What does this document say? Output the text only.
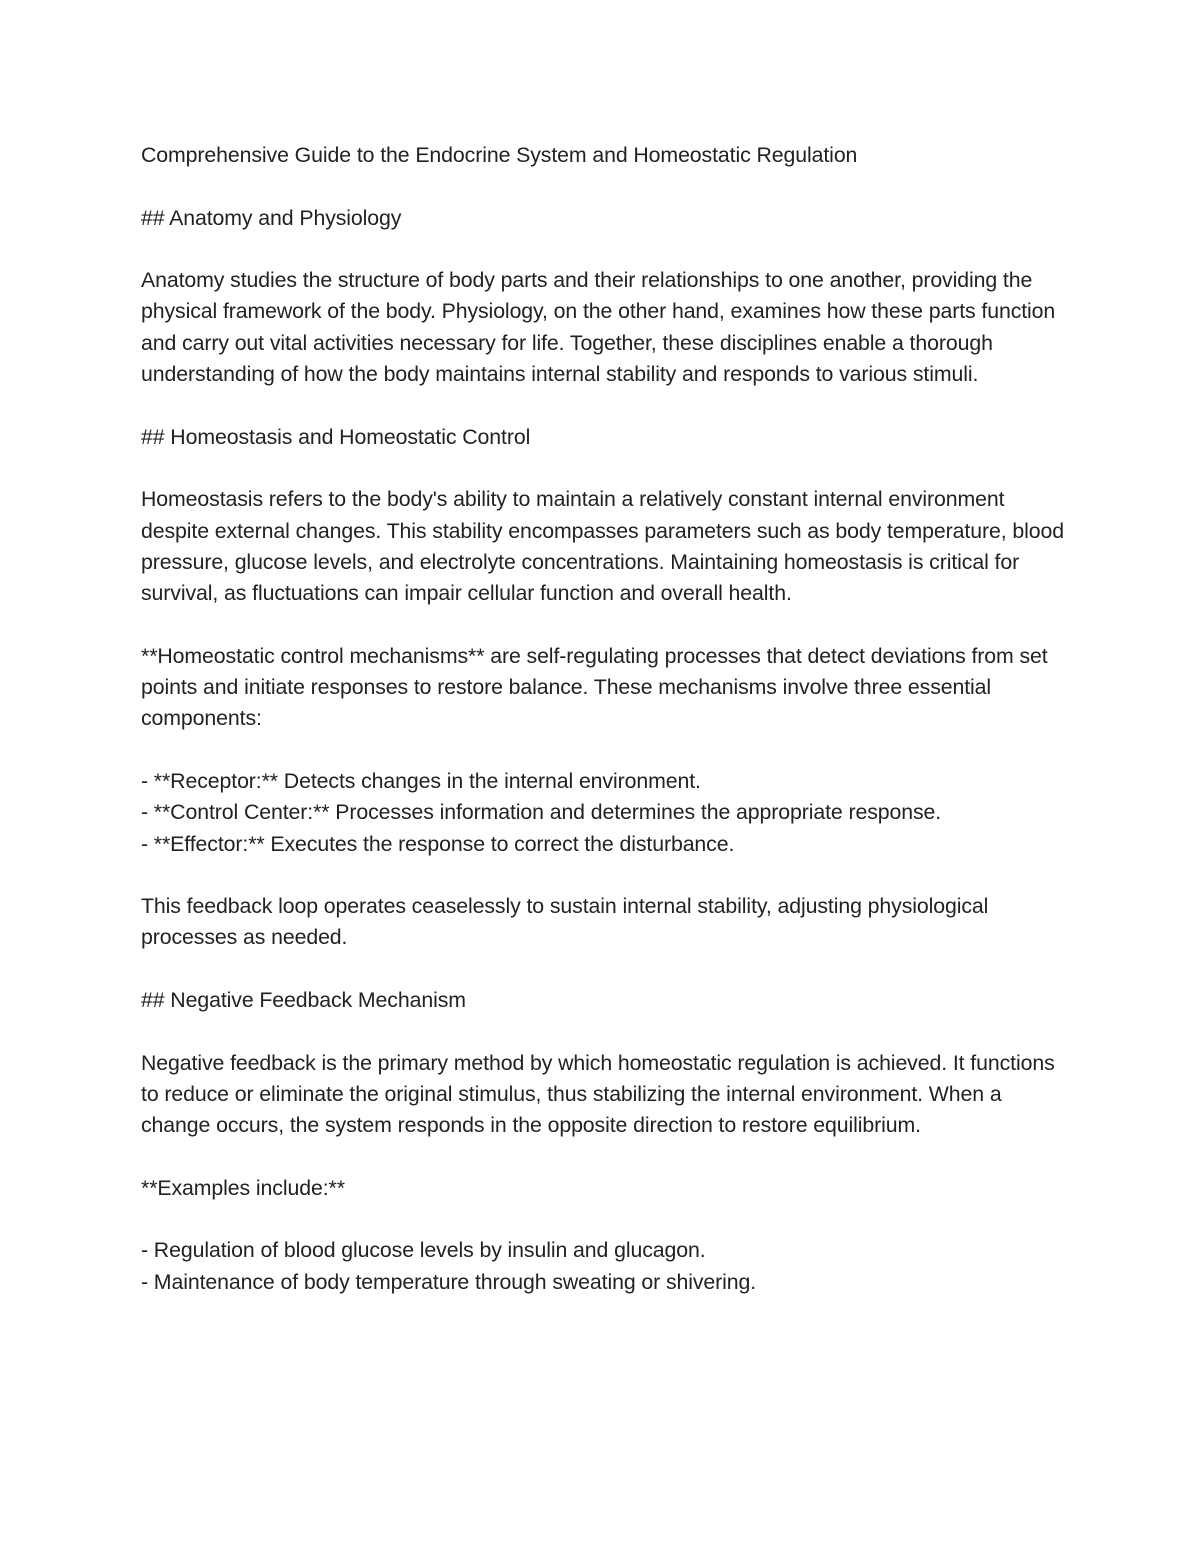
Comprehensive Guide to the Endocrine System and Homeostatic Regulation

## Anatomy and Physiology

Anatomy studies the structure of body parts and their relationships to one another, providing the physical framework of the body. Physiology, on the other hand, examines how these parts function and carry out vital activities necessary for life. Together, these disciplines enable a thorough understanding of how the body maintains internal stability and responds to various stimuli.

## Homeostasis and Homeostatic Control

Homeostasis refers to the body's ability to maintain a relatively constant internal environment despite external changes. This stability encompasses parameters such as body temperature, blood pressure, glucose levels, and electrolyte concentrations. Maintaining homeostasis is critical for survival, as fluctuations can impair cellular function and overall health.

**Homeostatic control mechanisms** are self-regulating processes that detect deviations from set points and initiate responses to restore balance. These mechanisms involve three essential components:

- **Receptor:** Detects changes in the internal environment.
- **Control Center:** Processes information and determines the appropriate response.
- **Effector:** Executes the response to correct the disturbance.

This feedback loop operates ceaselessly to sustain internal stability, adjusting physiological processes as needed.

## Negative Feedback Mechanism

Negative feedback is the primary method by which homeostatic regulation is achieved. It functions to reduce or eliminate the original stimulus, thus stabilizing the internal environment. When a change occurs, the system responds in the opposite direction to restore equilibrium.

**Examples include:**

- Regulation of blood glucose levels by insulin and glucagon.
- Maintenance of body temperature through sweating or shivering.
